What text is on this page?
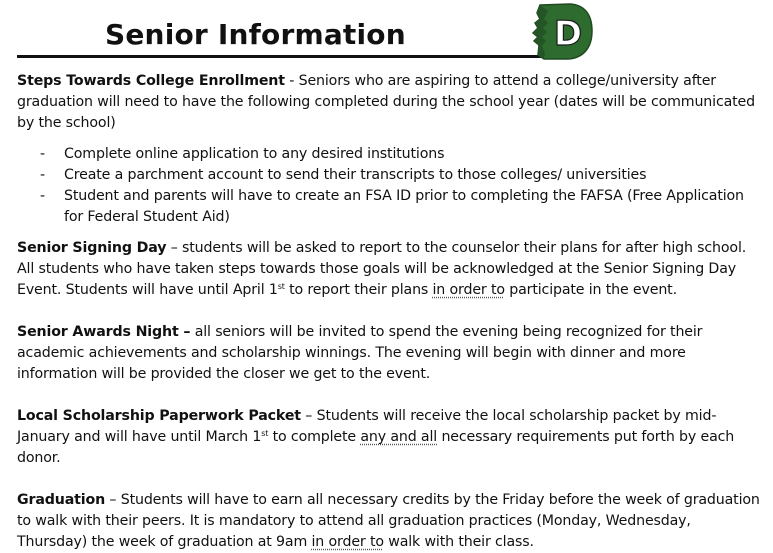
Senior Information	D

Steps Towards College Enrollment - Seniors who are aspiring to attend a college/university after graduation will need to have the following completed during the school year (dates will be communicated by the school)

- Complete online application to any desired institutions
- Create a parchment account to send their transcripts to those colleges/ universities
- Student and parents will have to create an FSA ID prior to completing the FAFSA (Free Application for Federal Student Aid)

Senior Signing Day – students will be asked to report to the counselor their plans for after high school. All students who have taken steps towards those goals will be acknowledged at the Senior Signing Day Event. Students will have until April 1st to report their plans in order to participate in the event.

Senior Awards Night – all seniors will be invited to spend the evening being recognized for their academic achievements and scholarship winnings. The evening will begin with dinner and more information will be provided the closer we get to the event.

Local Scholarship Paperwork Packet – Students will receive the local scholarship packet by mid-January and will have until March 1st to complete any and all necessary requirements put forth by each donor.

Graduation – Students will have to earn all necessary credits by the Friday before the week of graduation to walk with their peers. It is mandatory to attend all graduation practices (Monday, Wednesday, Thursday) the week of graduation at 9am in order to walk with their class.
